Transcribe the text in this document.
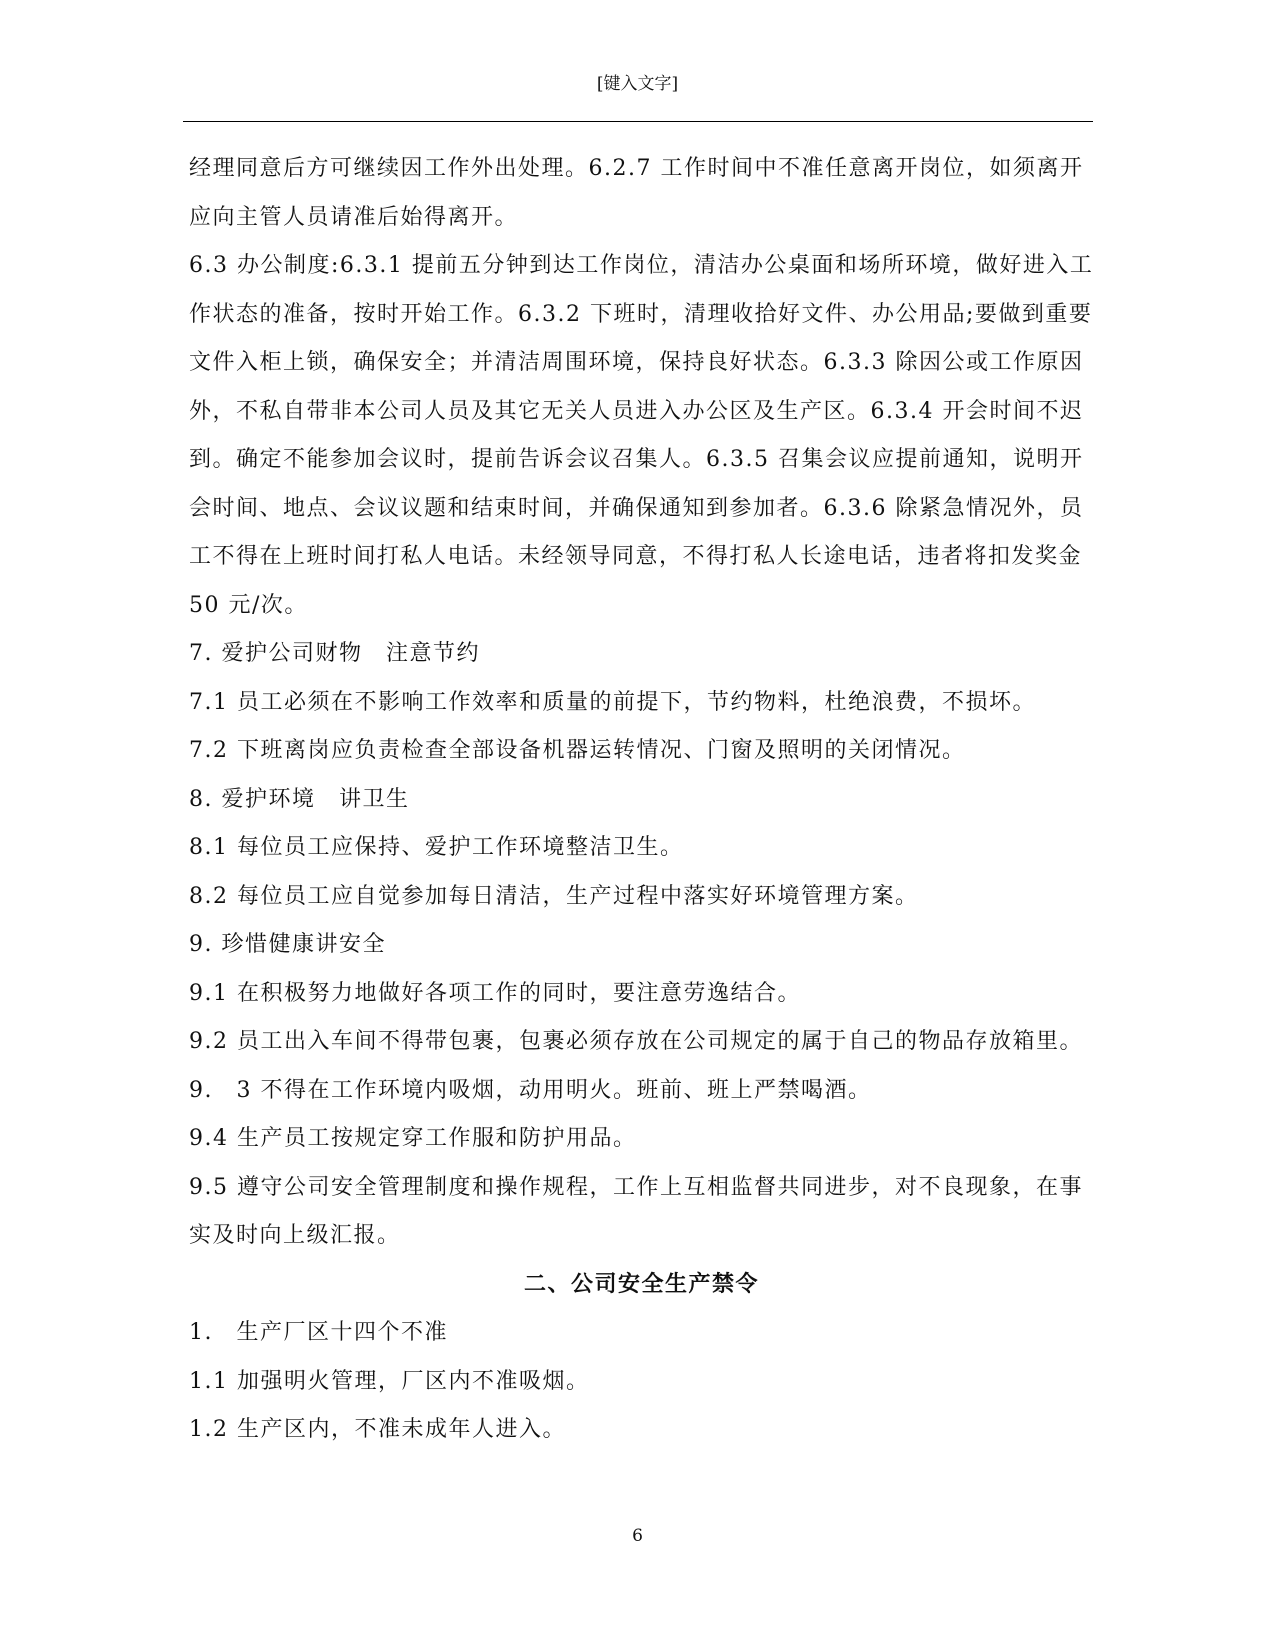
[键入文字]

经理同意后方可继续因工作外出处理。6.2.7 工作时间中不准任意离开岗位，如须离开应向主管人员请准后始得离开。

6.3 办公制度:6.3.1 提前五分钟到达工作岗位，清洁办公桌面和场所环境，做好进入工作状态的准备，按时开始工作。6.3.2 下班时，清理收拾好文件、办公用品;要做到重要文件入柜上锁，确保安全；并清洁周围环境，保持良好状态。6.3.3 除因公或工作原因外，不私自带非本公司人员及其它无关人员进入办公区及生产区。6.3.4 开会时间不迟到。确定不能参加会议时，提前告诉会议召集人。6.3.5 召集会议应提前通知，说明开会时间、地点、会议议题和结束时间，并确保通知到参加者。6.3.6 除紧急情况外，员工不得在上班时间打私人电话。未经领导同意，不得打私人长途电话，违者将扣发奖金 50 元/次。

7. 爱护公司财物　注意节约

7.1 员工必须在不影响工作效率和质量的前提下，节约物料，杜绝浪费，不损坏。

7.2 下班离岗应负责检查全部设备机器运转情况、门窗及照明的关闭情况。

8. 爱护环境　讲卫生

8.1 每位员工应保持、爱护工作环境整洁卫生。

8.2 每位员工应自觉参加每日清洁，生产过程中落实好环境管理方案。

9. 珍惜健康讲安全

9.1 在积极努力地做好各项工作的同时，要注意劳逸结合。

9.2 员工出入车间不得带包裹，包裹必须存放在公司规定的属于自己的物品存放箱里。

9.　3 不得在工作环境内吸烟，动用明火。班前、班上严禁喝酒。

9.4 生产员工按规定穿工作服和防护用品。

9.5 遵守公司安全管理制度和操作规程，工作上互相监督共同进步，对不良现象，在事实及时向上级汇报。

二、公司安全生产禁令

1.　生产厂区十四个不准

1.1 加强明火管理，厂区内不准吸烟。

1.2 生产区内，不准未成年人进入。

6
